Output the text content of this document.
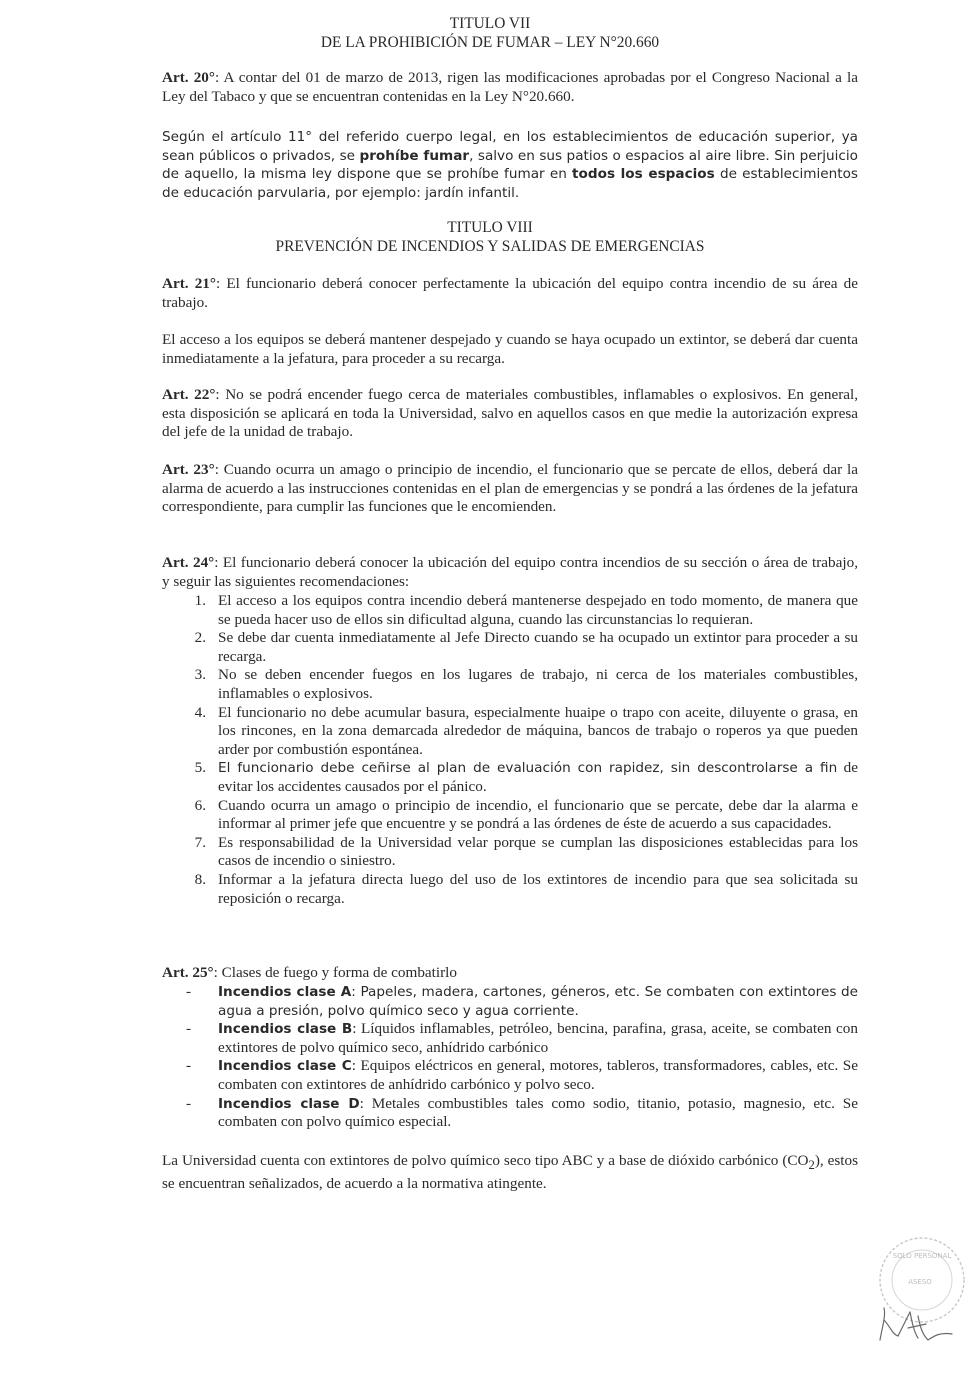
TITULO VII
DE LA PROHIBICIÓN DE FUMAR – LEY N°20.660
Art. 20°: A contar del 01 de marzo de 2013, rigen las modificaciones aprobadas por el Congreso Nacional a la Ley del Tabaco y que se encuentran contenidas en la Ley N°20.660.
Según el artículo 11° del referido cuerpo legal, en los establecimientos de educación superior, ya sean públicos o privados, se prohíbe fumar, salvo en sus patios o espacios al aire libre. Sin perjuicio de aquello, la misma ley dispone que se prohíbe fumar en todos los espacios de establecimientos de educación parvularia, por ejemplo: jardín infantil.
TITULO VIII
PREVENCIÓN DE INCENDIOS Y SALIDAS DE EMERGENCIAS
Art. 21°: El funcionario deberá conocer perfectamente la ubicación del equipo contra incendio de su área de trabajo.
El acceso a los equipos se deberá mantener despejado y cuando se haya ocupado un extintor, se deberá dar cuenta inmediatamente a la jefatura, para proceder a su recarga.
Art. 22°: No se podrá encender fuego cerca de materiales combustibles, inflamables o explosivos. En general, esta disposición se aplicará en toda la Universidad, salvo en aquellos casos en que medie la autorización expresa del jefe de la unidad de trabajo.
Art. 23°: Cuando ocurra un amago o principio de incendio, el funcionario que se percate de ellos, deberá dar la alarma de acuerdo a las instrucciones contenidas en el plan de emergencias y se pondrá a las órdenes de la jefatura correspondiente, para cumplir las funciones que le encomienden.
Art. 24°: El funcionario deberá conocer la ubicación del equipo contra incendios de su sección o área de trabajo, y seguir las siguientes recomendaciones:
1. El acceso a los equipos contra incendio deberá mantenerse despejado en todo momento, de manera que se pueda hacer uso de ellos sin dificultad alguna, cuando las circunstancias lo requieran.
2. Se debe dar cuenta inmediatamente al Jefe Directo cuando se ha ocupado un extintor para proceder a su recarga.
3. No se deben encender fuegos en los lugares de trabajo, ni cerca de los materiales combustibles, inflamables o explosivos.
4. El funcionario no debe acumular basura, especialmente huaipe o trapo con aceite, diluyente o grasa, en los rincones, en la zona demarcada alrededor de máquina, bancos de trabajo o roperos ya que pueden arder por combustión espontánea.
5. El funcionario debe ceñirse al plan de evaluación con rapidez, sin descontrolarse a fin de evitar los accidentes causados por el pánico.
6. Cuando ocurra un amago o principio de incendio, el funcionario que se percate, debe dar la alarma e informar al primer jefe que encuentre y se pondrá a las órdenes de éste de acuerdo a sus capacidades.
7. Es responsabilidad de la Universidad velar porque se cumplan las disposiciones establecidas para los casos de incendio o siniestro.
8. Informar a la jefatura directa luego del uso de los extintores de incendio para que sea solicitada su reposición o recarga.
Art. 25°: Clases de fuego y forma de combatirlo
- Incendios clase A: Papeles, madera, cartones, géneros, etc. Se combaten con extintores de agua a presión, polvo químico seco y agua corriente.
- Incendios clase B: Líquidos inflamables, petróleo, bencina, parafina, grasa, aceite, se combaten con extintores de polvo químico seco, anhídrido carbónico
- Incendios clase C: Equipos eléctricos en general, motores, tableros, transformadores, cables, etc. Se combaten con extintores de anhídrido carbónico y polvo seco.
- Incendios clase D: Metales combustibles tales como sodio, titanio, potasio, magnesio, etc. Se combaten con polvo químico especial.
La Universidad cuenta con extintores de polvo químico seco tipo ABC y a base de dióxido carbónico $(CO_2)$, estos se encuentran señalizados, de acuerdo a la normativa atingente.
SOLO PERSONAL
ASESO
